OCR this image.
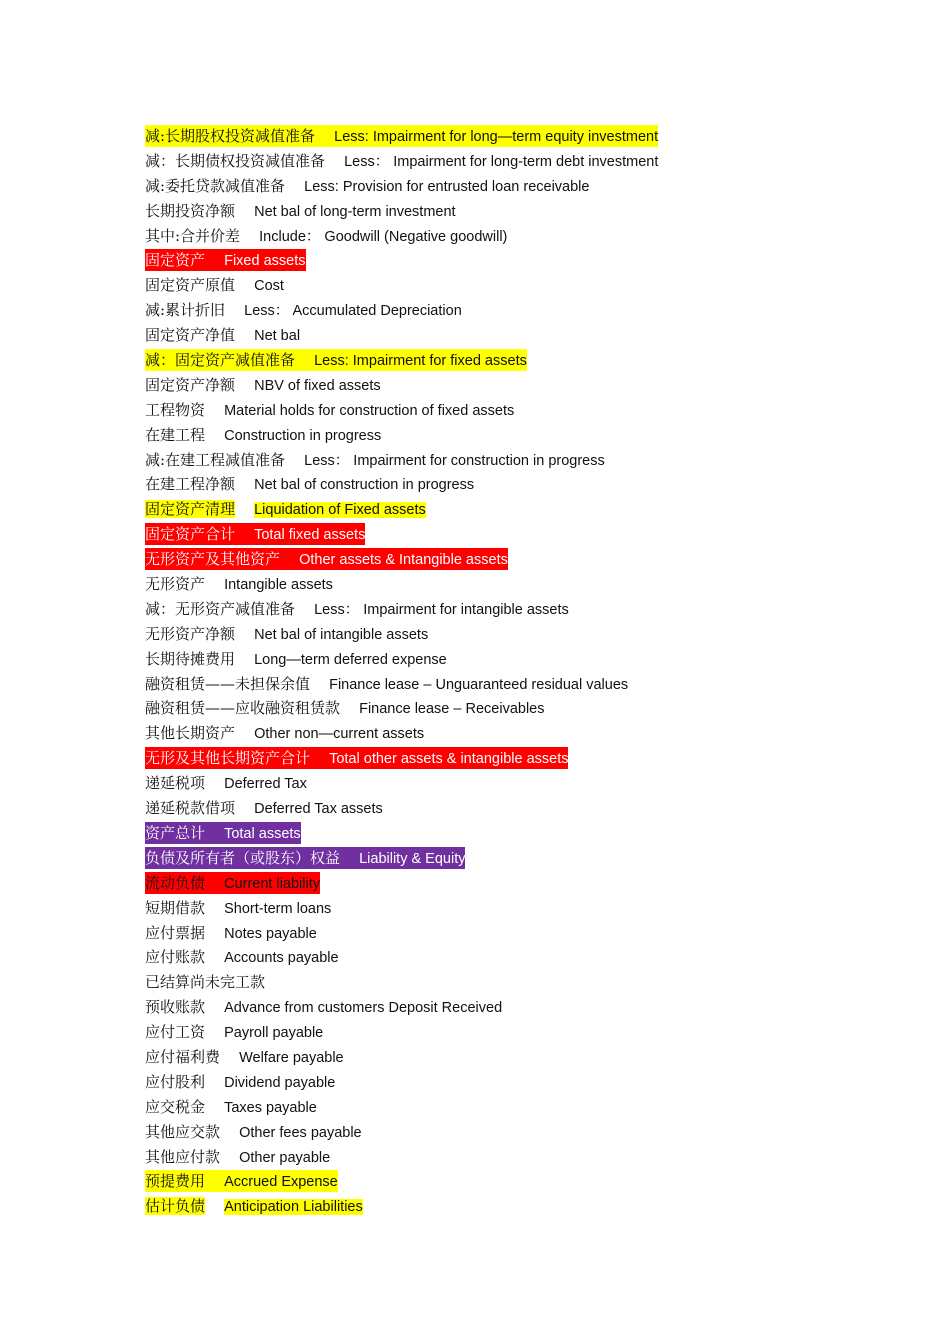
减:长期股权投资减值准备 Less: Impairment for long—term equity investment
减：长期债权投资减值准备 Less： Impairment for long-term debt investment
减:委托贷款减值准备 Less: Provision for entrusted loan receivable
长期投资净额 Net bal of long-term investment
其中:合并价差 Include： Goodwill (Negative goodwill)
固定资产 Fixed assets
固定资产原值 Cost
减:累计折旧 Less： Accumulated Depreciation
固定资产净值 Net bal
减：固定资产减值准备 Less: Impairment for fixed assets
固定资产净额 NBV of fixed assets
工程物资 Material holds for construction of fixed assets
在建工程 Construction in progress
减:在建工程减值准备 Less： Impairment for construction in progress
在建工程净额 Net bal of construction in progress
固定资产清理 Liquidation of Fixed assets
固定资产合计 Total fixed assets
无形资产及其他资产 Other assets & Intangible assets
无形资产 Intangible assets
减：无形资产减值准备 Less： Impairment for intangible assets
无形资产净额 Net bal of intangible assets
长期待摊费用 Long—term deferred expense
融资租赁——未担保余值 Finance lease – Unguaranteed residual values
融资租赁——应收融资租赁款 Finance lease – Receivables
其他长期资产 Other non—current assets
无形及其他长期资产合计 Total other assets & intangible assets
递延税项 Deferred Tax
递延税款借项 Deferred Tax assets
资产总计 Total assets
负债及所有者（或股东）权益 Liability & Equity
流动负债 Current liability
短期借款 Short-term loans
应付票据 Notes payable
应付账款 Accounts payable
已结算尚未完工款
预收账款 Advance from customers Deposit Received
应付工资 Payroll payable
应付福利费 Welfare payable
应付股利 Dividend payable
应交税金 Taxes payable
其他应交款 Other fees payable
其他应付款 Other payable
预提费用 Accrued Expense
估计负债 Anticipation Liabilities
